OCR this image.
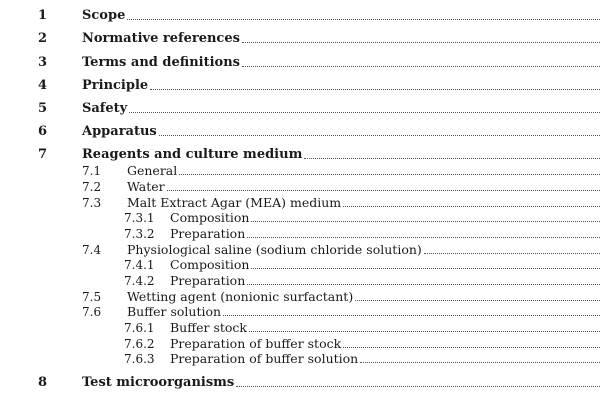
1	Scope
2	Normative references
3	Terms and definitions
4	Principle
5	Safety
6	Apparatus
7	Reagents and culture medium
7.1 General
7.2 Water
7.3 Malt Extract Agar (MEA) medium
7.3.1 Composition
7.3.2 Preparation
7.4 Physiological saline (sodium chloride solution)
7.4.1 Composition
7.4.2 Preparation
7.5 Wetting agent (nonionic surfactant)
7.6 Buffer solution
7.6.1 Buffer stock
7.6.2 Preparation of buffer stock
7.6.3 Preparation of buffer solution
8	Test microorganisms
